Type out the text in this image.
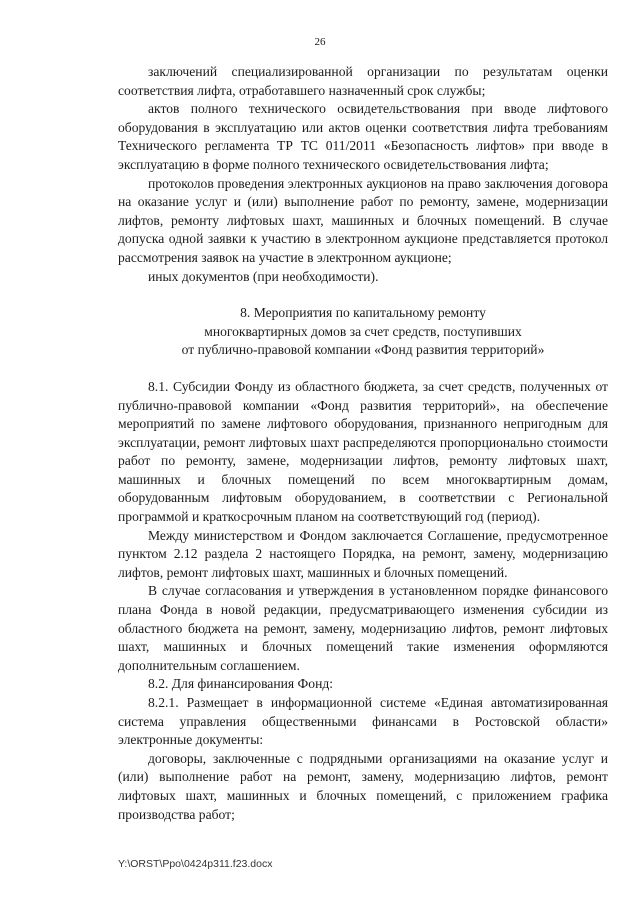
26

заключений специализированной организации по результатам оценки соответствия лифта, отработавшего назначенный срок службы;

актов полного технического освидетельствования при вводе лифтового оборудования в эксплуатацию или актов оценки соответствия лифта требованиям Технического регламента ТР ТС 011/2011 «Безопасность лифтов» при вводе в эксплуатацию в форме полного технического освидетельствования лифта;

протоколов проведения электронных аукционов на право заключения договора на оказание услуг и (или) выполнение работ по ремонту, замене, модернизации лифтов, ремонту лифтовых шахт, машинных и блочных помещений. В случае допуска одной заявки к участию в электронном аукционе представляется протокол рассмотрения заявок на участие в электронном аукционе;

иных документов (при необходимости).

8. Мероприятия по капитальному ремонту
многоквартирных домов за счет средств, поступивших
от публично-правовой компании «Фонд развития территорий»

8.1. Субсидии Фонду из областного бюджета, за счет средств, полученных от публично-правовой компании «Фонд развития территорий», на обеспечение мероприятий по замене лифтового оборудования, признанного непригодным для эксплуатации, ремонт лифтовых шахт распределяются пропорционально стоимости работ по ремонту, замене, модернизации лифтов, ремонту лифтовых шахт, машинных и блочных помещений по всем многоквартирным домам, оборудованным лифтовым оборудованием, в соответствии с Региональной программой и краткосрочным планом на соответствующий год (период).

Между министерством и Фондом заключается Соглашение, предусмотренное пунктом 2.12 раздела 2 настоящего Порядка, на ремонт, замену, модернизацию лифтов, ремонт лифтовых шахт, машинных и блочных помещений.

В случае согласования и утверждения в установленном порядке финансового плана Фонда в новой редакции, предусматривающего изменения субсидии из областного бюджета на ремонт, замену, модернизацию лифтов, ремонт лифтовых шахт, машинных и блочных помещений такие изменения оформляются дополнительным соглашением.

8.2. Для финансирования Фонд:

8.2.1. Размещает в информационной системе «Единая автоматизированная система управления общественными финансами в Ростовской области» электронные документы:

договоры, заключенные с подрядными организациями на оказание услуг и (или) выполнение работ на ремонт, замену, модернизацию лифтов, ремонт лифтовых шахт, машинных и блочных помещений, с приложением графика производства работ;

Y:\ORST\Ppo\0424p311.f23.docx
